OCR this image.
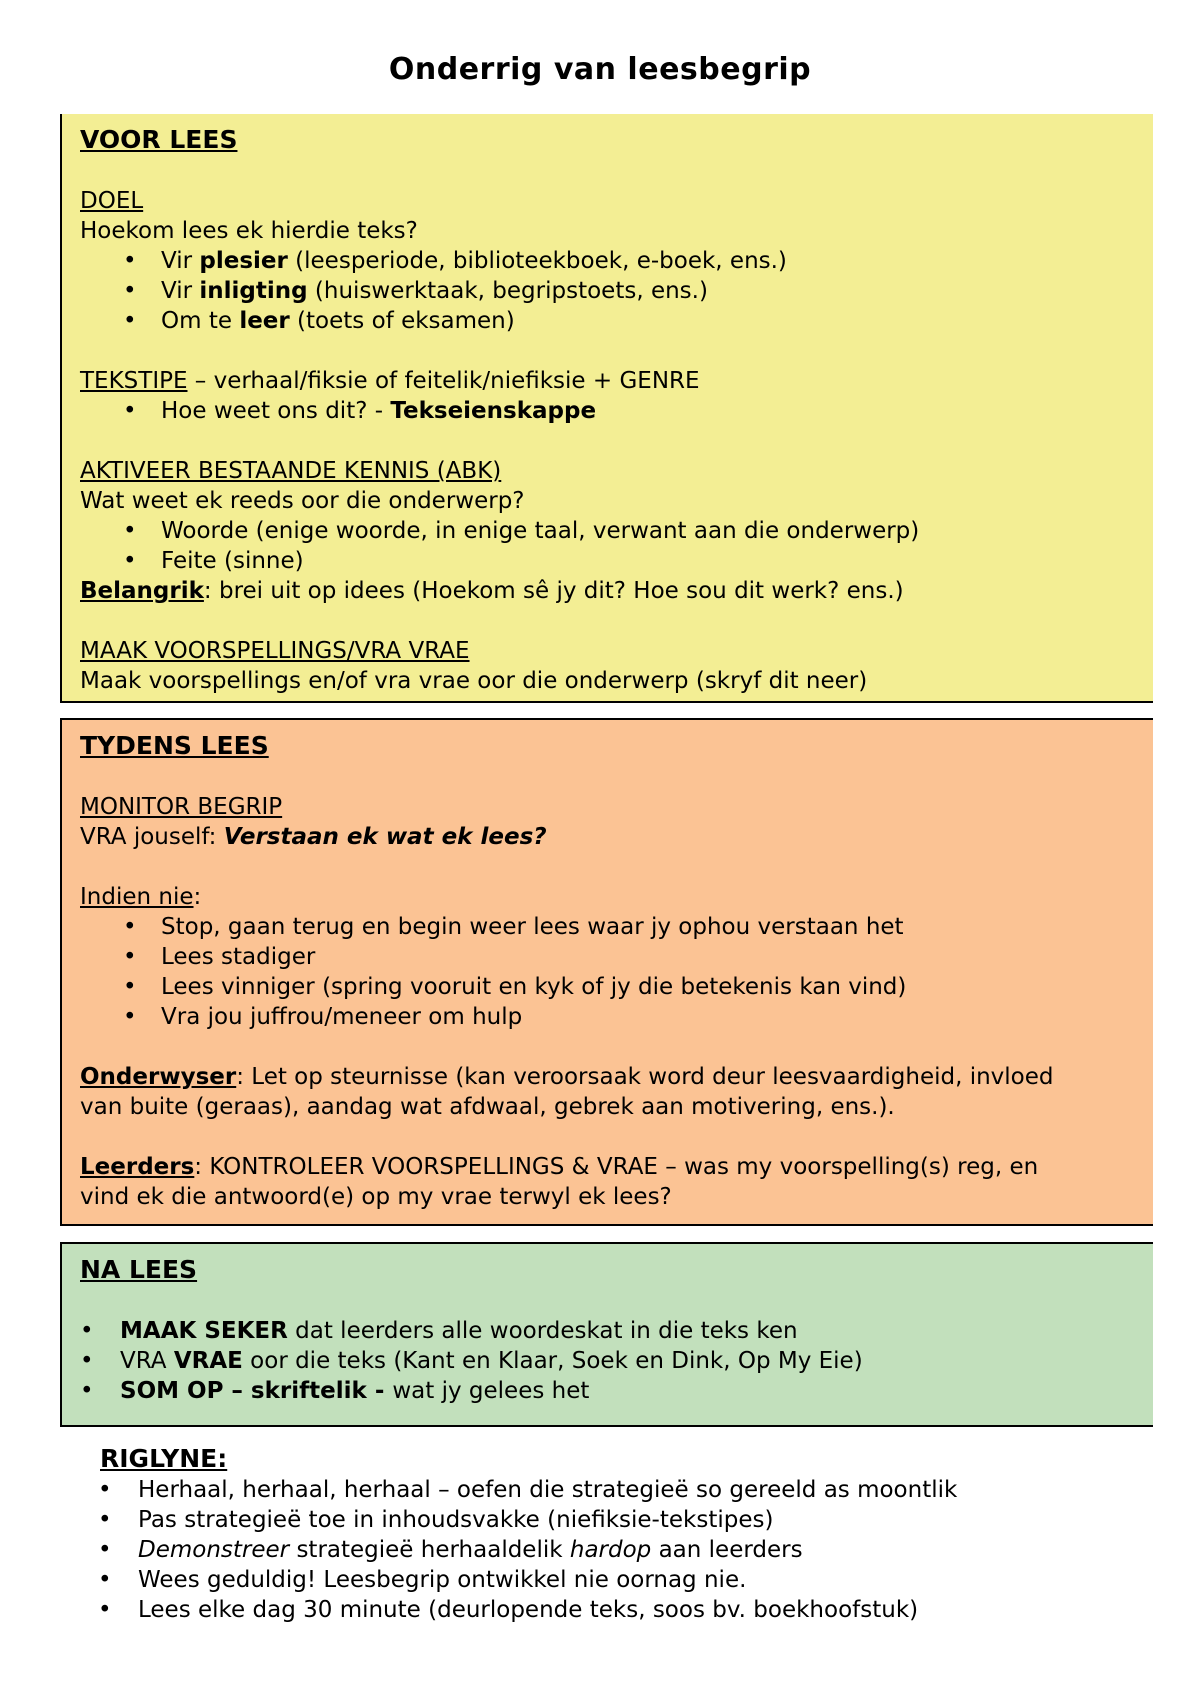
Onderrig van leesbegrip
VOOR LEES
DOEL
Hoekom lees ek hierdie teks?
• Vir plesier (leesperiode, biblioteekboek, e-boek, ens.)
• Vir inligting (huiswerktaak, begripstoets, ens.)
• Om te leer (toets of eksamen)
TEKSTIPE – verhaal/fiksie of feitelik/niefiksie + GENRE
• Hoe weet ons dit? - Tekseienskappe
AKTIVEER BESTAANDE KENNIS (ABK)
Wat weet ek reeds oor die onderwerp?
• Woorde (enige woorde, in enige taal, verwant aan die onderwerp)
• Feite (sinne)
Belangrik: brei uit op idees (Hoekom sê jy dit? Hoe sou dit werk? ens.)
MAAK VOORSPELLINGS/VRA VRAE
Maak voorspellings en/of vra vrae oor die onderwerp (skryf dit neer)
TYDENS LEES
MONITOR BEGRIP
VRA jouself: Verstaan ek wat ek lees?
Indien nie:
• Stop, gaan terug en begin weer lees waar jy ophou verstaan het
• Lees stadiger
• Lees vinniger (spring vooruit en kyk of jy die betekenis kan vind)
• Vra jou juffrou/meneer om hulp
Onderwyser: Let op steurnisse (kan veroorsaak word deur leesvaardigheid, invloed
van buite (geraas), aandag wat afdwaal, gebrek aan motivering, ens.).
Leerders: KONTROLEER VOORSPELLINGS & VRAE – was my voorspelling(s) reg, en
vind ek die antwoord(e) op my vrae terwyl ek lees?
NA LEES
• MAAK SEKER dat leerders alle woordeskat in die teks ken
• VRA VRAE oor die teks (Kant en Klaar, Soek en Dink, Op My Eie)
• SOM OP – skriftelik - wat jy gelees het
RIGLYNE:
• Herhaal, herhaal, herhaal – oefen die strategieë so gereeld as moontlik
• Pas strategieë toe in inhoudsvakke (niefiksie-tekstipes)
• Demonstreer strategieë herhaaldelik hardop aan leerders
• Wees geduldig! Leesbegrip ontwikkel nie oornag nie.
• Lees elke dag 30 minute (deurlopende teks, soos bv. boekhoofstuk)
